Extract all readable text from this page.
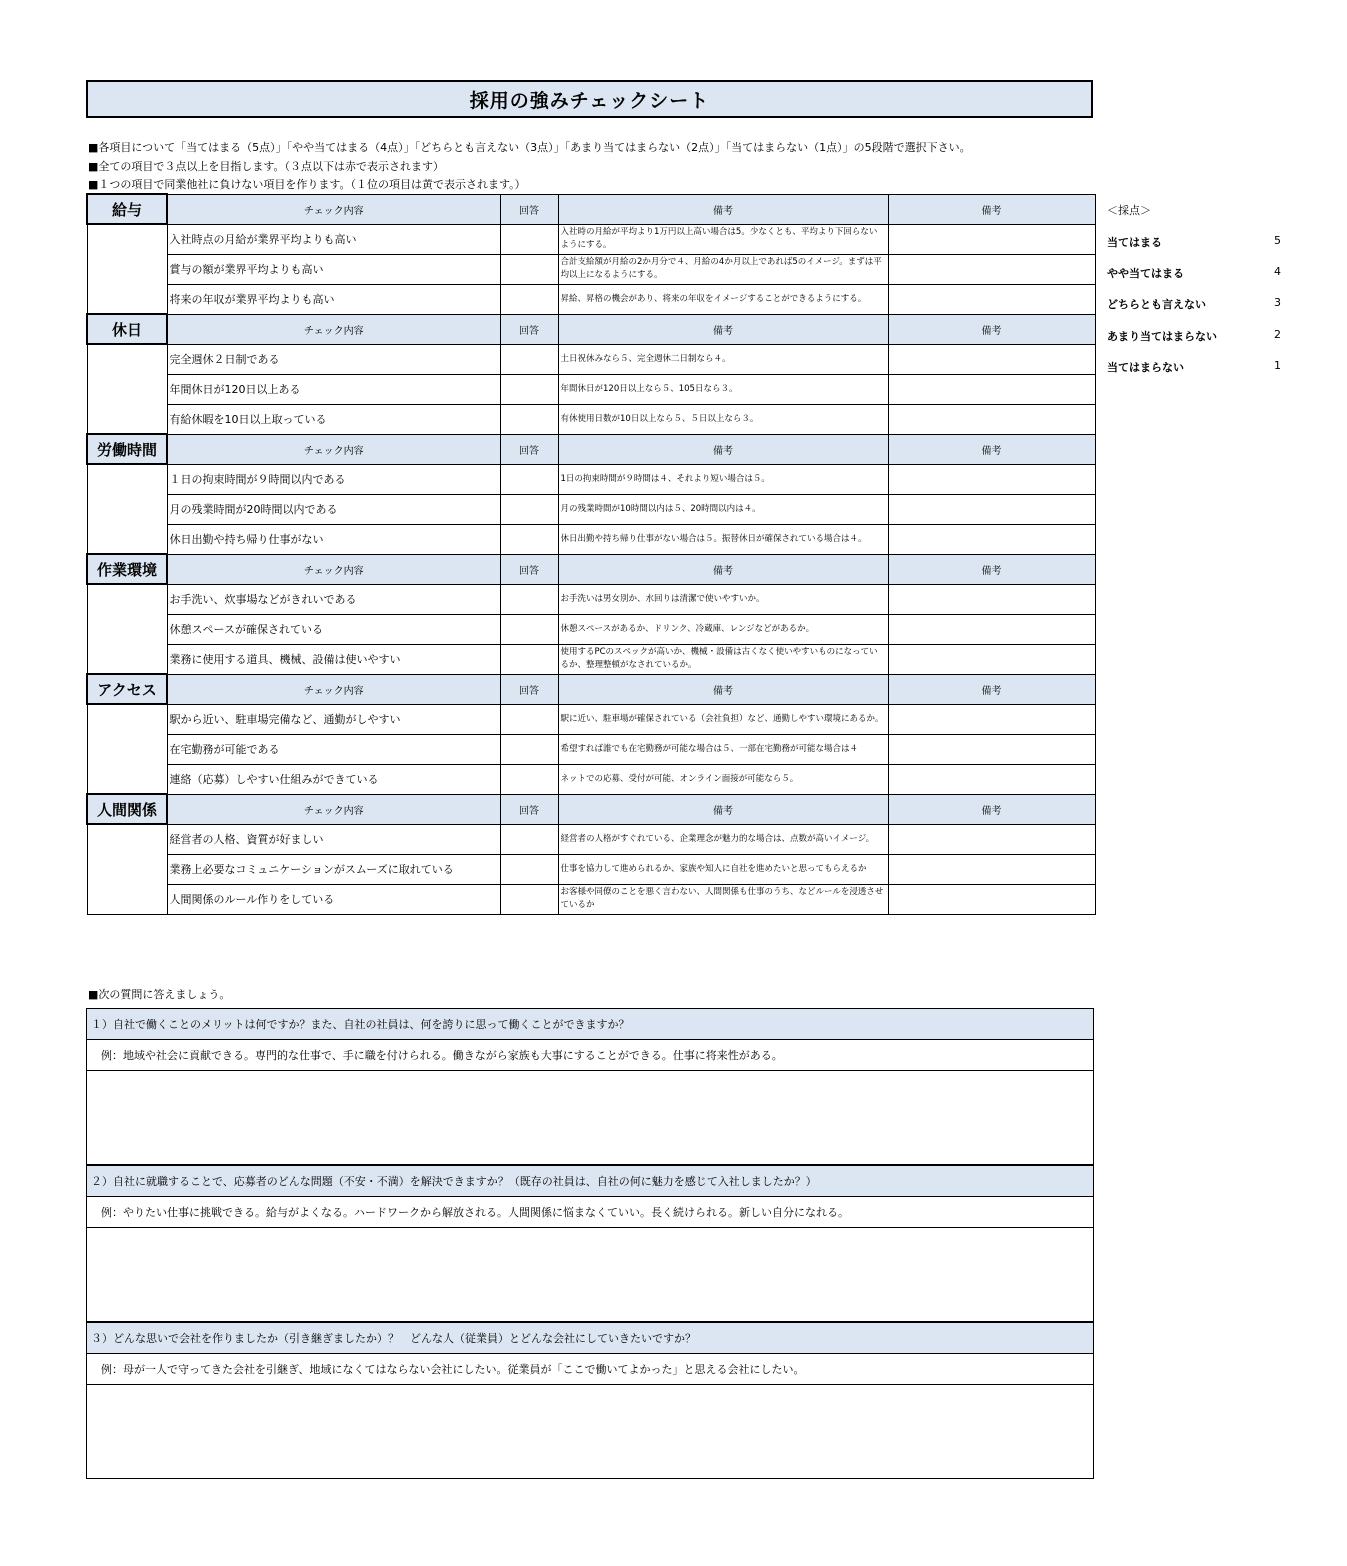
採用の強みチェックシート
■各項目について「当てはまる（5点）」「やや当てはまる（4点）」「どちらとも言えない（3点）」「あまり当てはまらない（2点）」「当てはまらない（1点）」の5段階で選択下さい。
■全ての項目で３点以上を目指します。（３点以下は赤で表示されます）
■１つの項目で同業他社に負けない項目を作ります。（１位の項目は黄で表示されます。）
給与	チェック内容	回答	備考	備考
	入社時点の月給が業界平均よりも高い		入社時の月給が平均より1万円以上高い場合は5。少なくとも、平均より下回らないようにする。	
	賞与の額が業界平均よりも高い		合計支給額が月給の2か月分で４、月給の4か月以上であれば5のイメージ。まずは平均以上になるようにする。	
	将来の年収が業界平均よりも高い		昇給、昇格の機会があり、将来の年収をイメージすることができるようにする。	
休日	チェック内容	回答	備考	備考
	完全週休２日制である		土日祝休みなら５、完全週休二日制なら４。	
	年間休日が120日以上ある		年間休日が120日以上なら５、105日なら３。	
	有給休暇を10日以上取っている		有休使用日数が10日以上なら５、５日以上なら３。	
労働時間	チェック内容	回答	備考	備考
	１日の拘束時間が９時間以内である		1日の拘束時間が９時間は４、それより短い場合は５。	
	月の残業時間が20時間以内である		月の残業時間が10時間以内は５、20時間以内は４。	
	休日出勤や持ち帰り仕事がない		休日出勤や持ち帰り仕事がない場合は５。振替休日が確保されている場合は４。	
作業環境	チェック内容	回答	備考	備考
	お手洗い、炊事場などがきれいである		お手洗いは男女別か、水回りは清潔で使いやすいか。	
	休憩スペースが確保されている		休憩スペースがあるか、ドリンク、冷蔵庫、レンジなどがあるか。	
	業務に使用する道具、機械、設備は使いやすい		使用するPCのスペックが高いか、機械・設備は古くなく使いやすいものになっているか、整理整頓がなされているか。	
アクセス	チェック内容	回答	備考	備考
	駅から近い、駐車場完備など、通勤がしやすい		駅に近い、駐車場が確保されている（会社負担）など、通勤しやすい環境にあるか。	
	在宅勤務が可能である		希望すれば誰でも在宅勤務が可能な場合は５、一部在宅勤務が可能な場合は４	
	連絡（応募）しやすい仕組みができている		ネットでの応募、受付が可能、オンライン面接が可能なら５。	
人間関係	チェック内容	回答	備考	備考
	経営者の人格、資質が好ましい		経営者の人格がすぐれている、企業理念が魅力的な場合は、点数が高いイメージ。	
	業務上必要なコミュニケーションがスムーズに取れている		仕事を協力して進められるか、家族や知人に自社を進めたいと思ってもらえるか	
	人間関係のルール作りをしている		お客様や同僚のことを悪く言わない、人間関係も仕事のうち、などルールを浸透させているか	
＜採点＞
当てはまる	5
やや当てはまる	4
どちらとも言えない	3
あまり当てはまらない	2
当てはまらない	1
■次の質問に答えましょう。
１）自社で働くことのメリットは何ですか？また、自社の社員は、何を誇りに思って働くことができますか？
例：地域や社会に貢献できる。専門的な仕事で、手に職を付けられる。働きながら家族も大事にすることができる。仕事に将来性がある。
２）自社に就職することで、応募者のどんな問題（不安・不満）を解決できますか？（既存の社員は、自社の何に魅力を感じて入社しましたか？）
例：やりたい仕事に挑戦できる。給与がよくなる。ハードワークから解放される。人間関係に悩まなくていい。長く続けられる。新しい自分になれる。
３）どんな思いで会社を作りましたか（引き継ぎましたか）？　どんな人（従業員）とどんな会社にしていきたいですか？
例：母が一人で守ってきた会社を引継ぎ、地域になくてはならない会社にしたい。従業員が「ここで働いてよかった」と思える会社にしたい。
